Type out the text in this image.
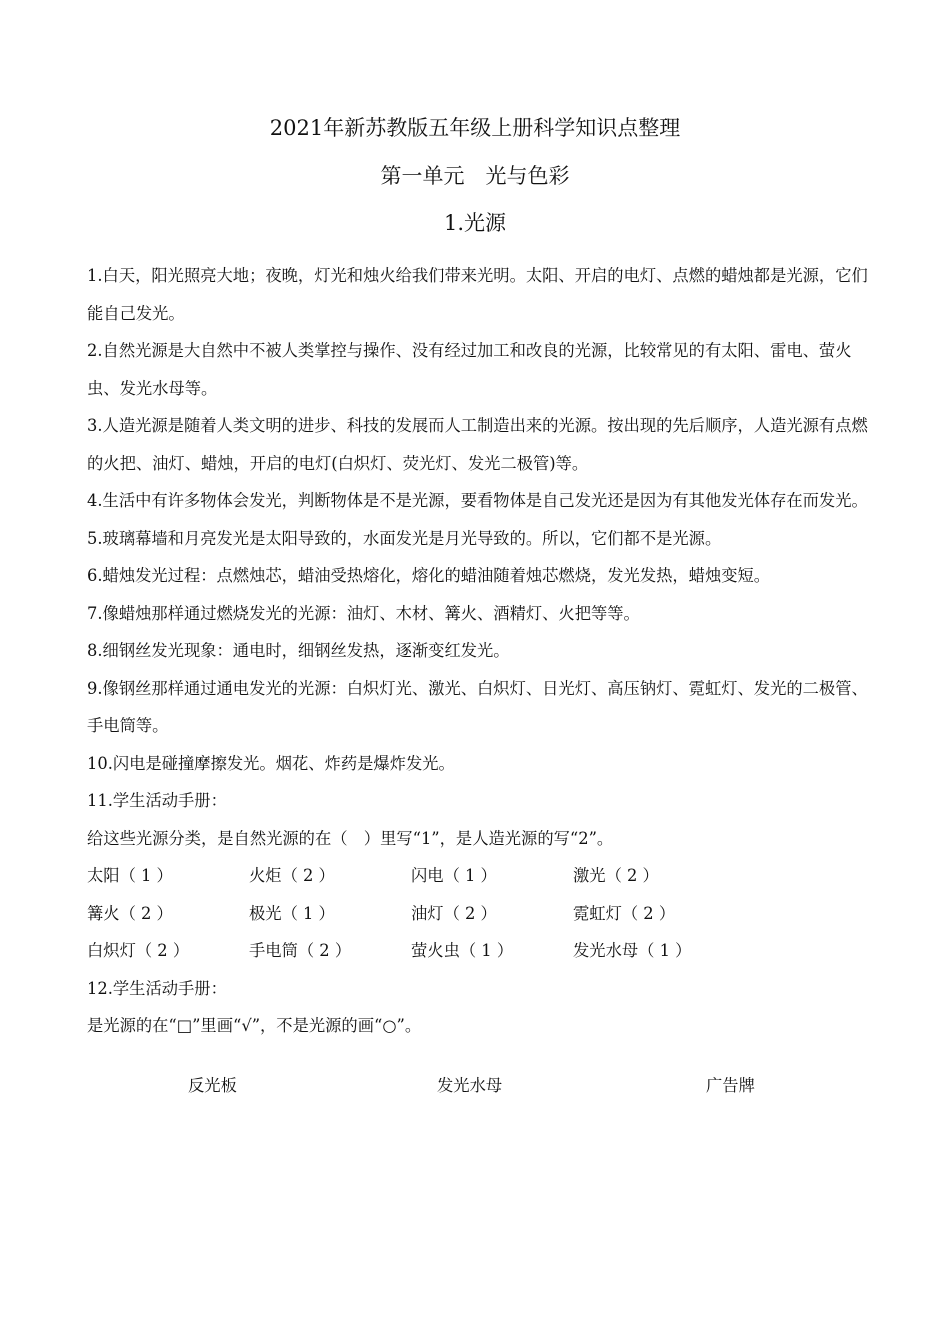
2021年新苏教版五年级上册科学知识点整理
第一单元　光与色彩
1.光源

1.白天，阳光照亮大地；夜晚，灯光和烛火给我们带来光明。太阳、开启的电灯、点燃的蜡烛都是光源，它们能自己发光。

2.自然光源是大自然中不被人类掌控与操作、没有经过加工和改良的光源，比较常见的有太阳、雷电、萤火虫、发光水母等。

3.人造光源是随着人类文明的进步、科技的发展而人工制造出来的光源。按出现的先后顺序，人造光源有点燃的火把、油灯、蜡烛，开启的电灯(白炽灯、荧光灯、发光二极管)等。

4.生活中有许多物体会发光，判断物体是不是光源，要看物体是自己发光还是因为有其他发光体存在而发光。

5.玻璃幕墙和月亮发光是太阳导致的，水面发光是月光导致的。所以，它们都不是光源。

6.蜡烛发光过程：点燃烛芯，蜡油受热熔化，熔化的蜡油随着烛芯燃烧，发光发热，蜡烛变短。

7.像蜡烛那样通过燃烧发光的光源：油灯、木材、篝火、酒精灯、火把等等。

8.细钢丝发光现象：通电时，细钢丝发热，逐渐变红发光。

9.像钢丝那样通过通电发光的光源：白炽灯光、激光、白炽灯、日光灯、高压钠灯、霓虹灯、发光的二极管、手电筒等。

10.闪电是碰撞摩擦发光。烟花、炸药是爆炸发光。

11.学生活动手册：

给这些光源分类，是自然光源的在（　）里写“1”，是人造光源的写“2”。

太阳（ 1 ）	火炬（ 2 ）	闪电（ 1 ）	激光（ 2 ）
篝火（ 2 ）	极光（ 1 ）	油灯（ 2 ）	霓虹灯（ 2 ）
白炽灯（ 2 ）	手电筒（ 2 ）	萤火虫（ 1 ）	发光水母（ 1 ）

12.学生活动手册：

是光源的在“□”里画“√”，不是光源的画“○”。

反光板	发光水母	广告牌
